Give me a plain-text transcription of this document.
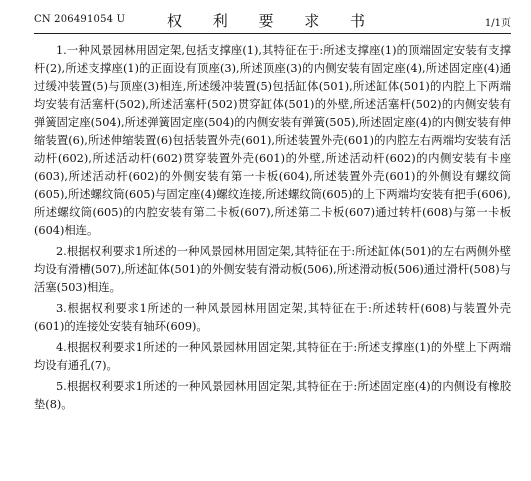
CN 206491054 U	权 利 要 求 书	1/1页

1.一种风景园林用固定架,包括支撑座(1),其特征在于:所述支撑座(1)的顶端固定安装有支撑杆(2),所述支撑座(1)的正面设有顶座(3),所述顶座(3)的内侧安装有固定座(4),所述固定座(4)通过缓冲装置(5)与顶座(3)相连,所述缓冲装置(5)包括缸体(501),所述缸体(501)的内腔上下两端均安装有活塞杆(502),所述活塞杆(502)贯穿缸体(501)的外壁,所述活塞杆(502)的内侧安装有弹簧固定座(504),所述弹簧固定座(504)的内侧安装有弹簧(505),所述固定座(4)的内侧安装有伸缩装置(6),所述伸缩装置(6)包括装置外壳(601),所述装置外壳(601)的内腔左右两端均安装有活动杆(602),所述活动杆(602)贯穿装置外壳(601)的外壁,所述活动杆(602)的内侧安装有卡座(603),所述活动杆(602)的外侧安装有第一卡板(604),所述装置外壳(601)的外侧设有螺纹筒(605),所述螺纹筒(605)与固定座(4)螺纹连接,所述螺纹筒(605)的上下两端均安装有把手(606),所述螺纹筒(605)的内腔安装有第二卡板(607),所述第二卡板(607)通过转杆(608)与第一卡板(604)相连。

2.根据权利要求1所述的一种风景园林用固定架,其特征在于:所述缸体(501)的左右两侧外壁均设有滑槽(507),所述缸体(501)的外侧安装有滑动板(506),所述滑动板(506)通过滑杆(508)与活塞(503)相连。

3.根据权利要求1所述的一种风景园林用固定架,其特征在于:所述转杆(608)与装置外壳(601)的连接处安装有轴环(609)。

4.根据权利要求1所述的一种风景园林用固定架,其特征在于:所述支撑座(1)的外壁上下两端均设有通孔(7)。

5.根据权利要求1所述的一种风景园林用固定架,其特征在于:所述固定座(4)的内侧设有橡胶垫(8)。
